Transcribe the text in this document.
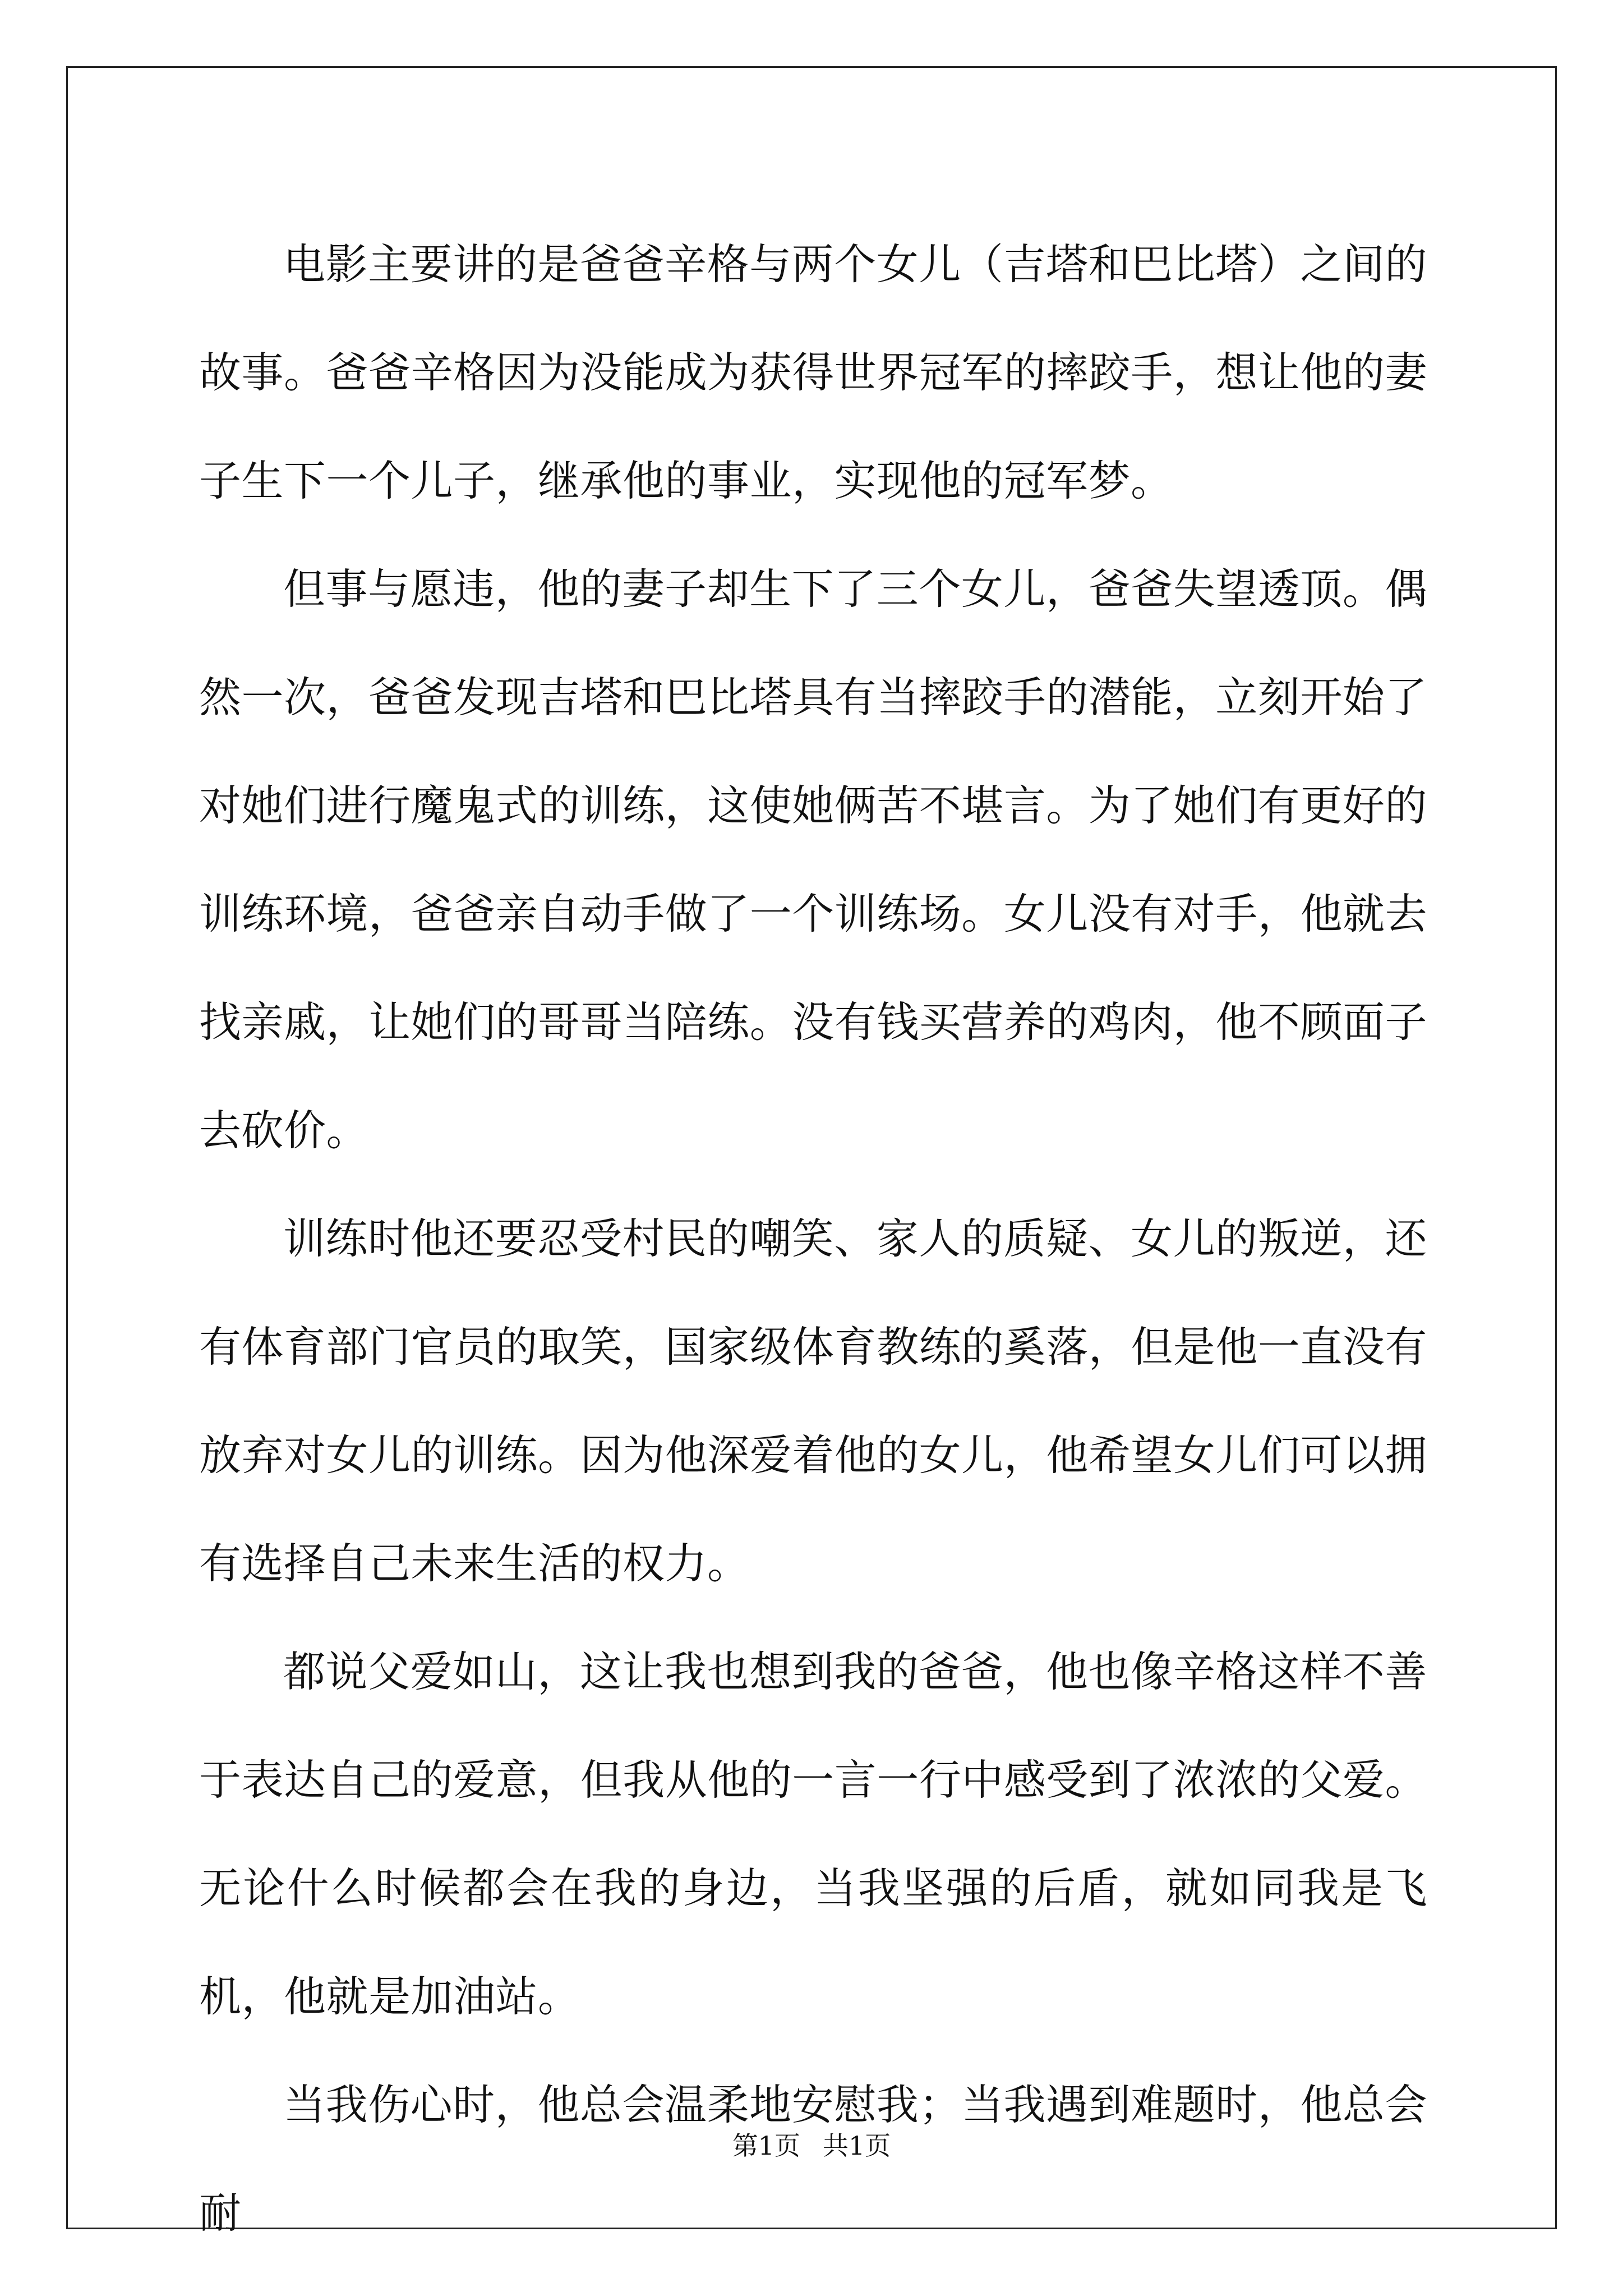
电影主要讲的是爸爸辛格与两个女儿（吉塔和巴比塔）之间的故事。爸爸辛格因为没能成为获得世界冠军的摔跤手，想让他的妻子生下一个儿子，继承他的事业，实现他的冠军梦。

但事与愿违，他的妻子却生下了三个女儿，爸爸失望透顶。偶然一次，爸爸发现吉塔和巴比塔具有当摔跤手的潜能，立刻开始了对她们进行魔鬼式的训练，这使她俩苦不堪言。为了她们有更好的训练环境，爸爸亲自动手做了一个训练场。女儿没有对手，他就去找亲戚，让她们的哥哥当陪练。没有钱买营养的鸡肉，他不顾面子去砍价。

训练时他还要忍受村民的嘲笑、家人的质疑、女儿的叛逆，还有体育部门官员的取笑，国家级体育教练的奚落，但是他一直没有放弃对女儿的训练。因为他深爱着他的女儿，他希望女儿们可以拥有选择自己未来生活的权力。

都说父爱如山，这让我也想到我的爸爸，他也像辛格这样不善于表达自己的爱意，但我从他的一言一行中感受到了浓浓的父爱。无论什么时候都会在我的身边，当我坚强的后盾，就如同我是飞机，他就是加油站。

当我伤心时，他总会温柔地安慰我；当我遇到难题时，他总会耐

第1页 共1页
